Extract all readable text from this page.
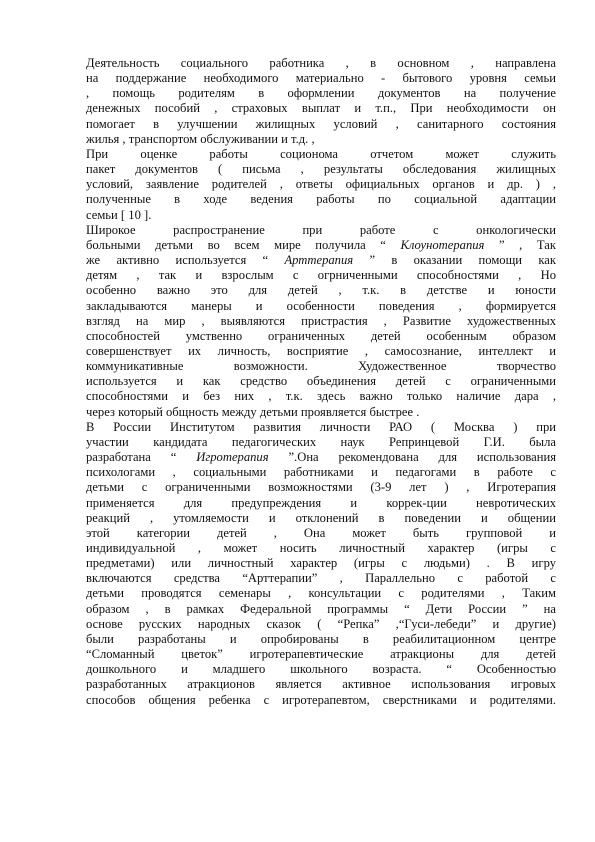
Деятельность социального работника , в основном , направлена
на поддержание необходимого материально - бытового уровня семьи
, помощь родителям в оформлении документов на получение
денежных пособий , страховых выплат и т.п., При необходимости он
помогает в улучшении жилищных условий , санитарного состояния
жилья , транспортом обслуживании и т.д. ,

При оценке работы соционома отчетом может служить
пакет документов ( письма , результаты обследования жилищных
условий, заявление родителей , ответы официальных органов и др. ) ,
полученные в ходе ведения работы по социальной адаптации
семьи [ 10 ].

Широкое распространение при работе с онкологически
больными детьми во всем мире получила “ Клоунотерапия ” , Так
же активно используется “ Арттерапия ” в оказании помощи как
детям , так и взрослым с огрниченными способностями , Но
особенно важно это для детей , т.к. в детстве и юности
закладываются манеры и особенности поведения , формируется
взгляд на мир , выявляются пристрастия , Развитие художественных
способностей умственно ограниченных детей особенным образом
совершенствует их личность, восприятие , самосознание, интеллект и
коммуникативные возможности. Художественное творчество
используется и как средство объединения детей с ограниченными
способностями и без них , т.к. здесь важно только наличие дара ,
через который общность между детьми проявляется быстрее .

В России Институтом развития личности РАО ( Москва ) при
участии кандидата педагогических наук Репринцевой Г.И. была
разработана “ Игротерапия ”.Она рекомендована для использования
психологами , социальными работниками и педагогами в работе с
детьми с ограниченными возможностями (3-9 лет ) , Игротерапия
применяется для предупреждения и коррек-ции невротических
реакций , утомляемости и отклонений в поведении и общении
этой категории детей , Она может быть групповой и
индивидуальной , может носить личностный характер (игры с
предметами) или личностный характер (игры с людьми) . В игру
включаются средства “Арттерапии” , Параллельно с работой с
детьми проводятся семенары , консультации с родителями , Таким
образом , в рамках Федеральной программы “ Дети России ” на
основе русских народных сказок ( “Репка” ,“Гуси-лебеди” и другие)
были разработаны и опробированы в реабилитационном центре
“Сломанный цветок” игротерапевтические атракционы для детей
дошкольного и младшего школьного возраста. “ Особенностью
разработанных атракционов является активное использования игровых
способов общения ребенка с игротерапевтом, сверстниками и родителями.
